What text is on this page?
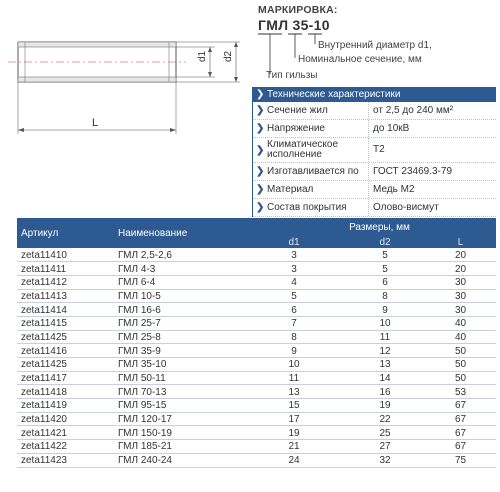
d1 d2
L
МАРКИРОВКА:
ГМЛ 35-10
Внутренний диаметр d1,
Номинальное сечение, мм
Тип гильзы
❯ Технические характеристики
❯ Сечение жил	от 2,5 до 240 мм²
❯ Напряжение	до 10кВ
❯ Климатическое исполнение	Т2
❯ Изготавливается по	ГОСТ 23469.3-79
❯ Материал	Медь М2
❯ Состав покрытия	Олово-висмут
Артикул	Наименование	Размеры, мм		
		d1	d2	L
zeta11410	ГМЛ 2,5-2,6	3	5	20
zeta11411	ГМЛ 4-3	3	5	20
zeta11412	ГМЛ 6-4	4	6	30
zeta11413	ГМЛ 10-5	5	8	30
zeta11414	ГМЛ 16-6	6	9	30
zeta11415	ГМЛ 25-7	7	10	40
zeta11425	ГМЛ 25-8	8	11	40
zeta11416	ГМЛ 35-9	9	12	50
zeta11425	ГМЛ 35-10	10	13	50
zeta11417	ГМЛ 50-11	11	14	50
zeta11418	ГМЛ 70-13	13	16	53
zeta11419	ГМЛ 95-15	15	19	67
zeta11420	ГМЛ 120-17	17	22	67
zeta11421	ГМЛ 150-19	19	25	67
zeta11422	ГМЛ 185-21	21	27	67
zeta11423	ГМЛ 240-24	24	32	75
